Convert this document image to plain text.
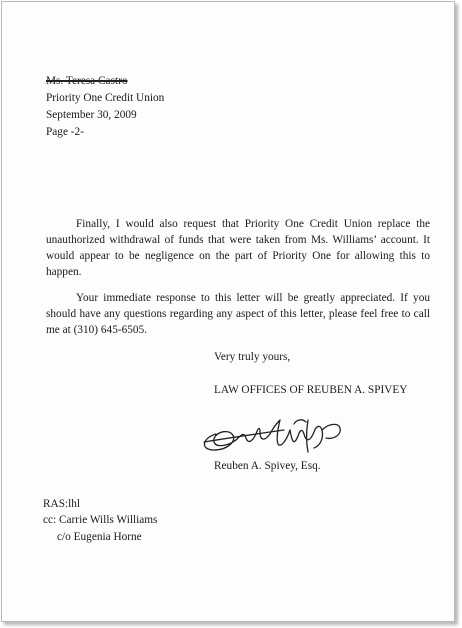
Ms. Teresa Castro
Priority One Credit Union
September 30, 2009
Page -2-
Finally, I would also request that Priority One Credit Union replace the unauthorized withdrawal of funds that were taken from Ms. Williams’ account. It would appear to be negligence on the part of Priority One for allowing this to happen.
Your immediate response to this letter will be greatly appreciated. If you should have any questions regarding any aspect of this letter, please feel free to call me at (310) 645-6505.
Very truly yours,
LAW OFFICES OF REUBEN A. SPIVEY
Reuben A. Spivey, Esq.
RAS:lhl
cc: Carrie Wills Williams
c/o Eugenia Horne
